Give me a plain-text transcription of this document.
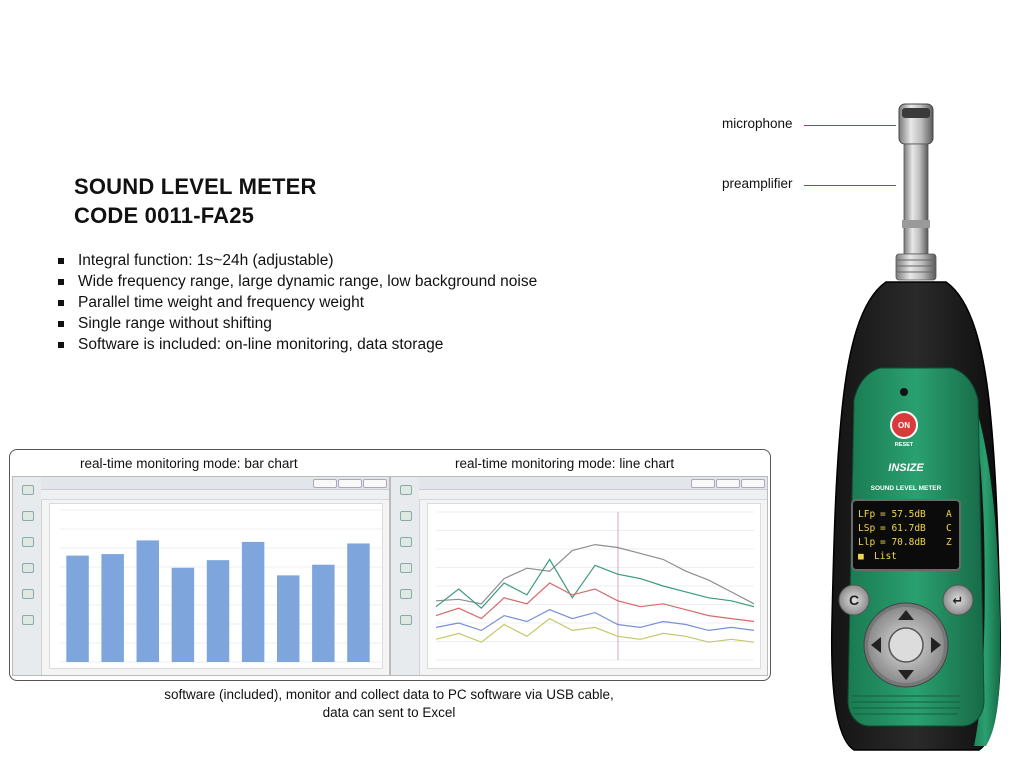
SOUND LEVEL METER
CODE 0011-FA25
Integral function: 1s~24h (adjustable)
Wide frequency range, large dynamic range, low background noise
Parallel time weight and frequency weight
Single range without shifting
Software is included: on-line monitoring, data storage
real-time monitoring mode: bar chart	real-time monitoring mode: line chart
software (included), monitor and collect data to PC software via USB cable,
data can sent to Excel
microphone
preamplifier
ON
RESET
INSIZE
SOUND LEVEL METER
LFp = 57.5dB A
LSp = 61.7dB C
Llp = 70.8dB Z
■ List
C	↵
